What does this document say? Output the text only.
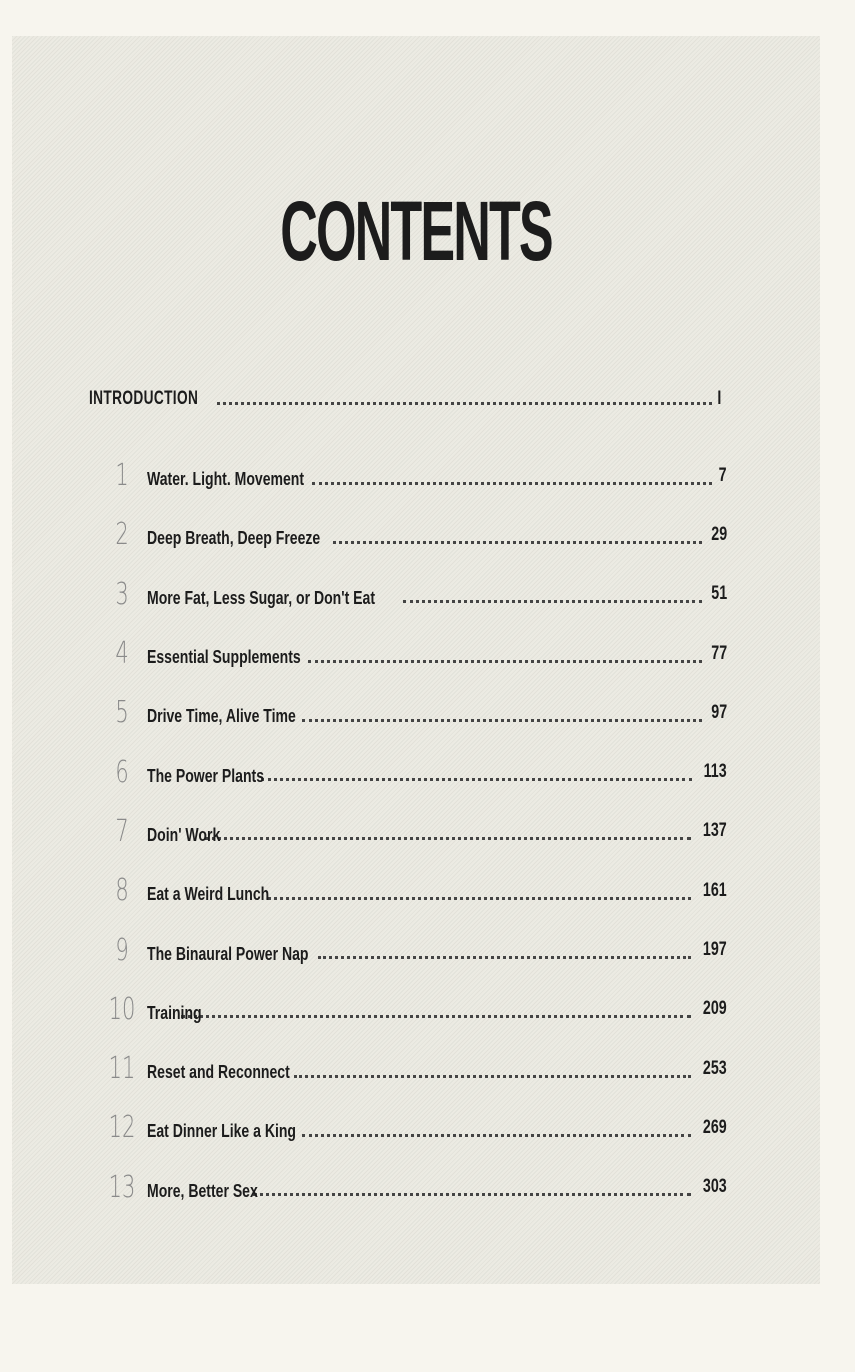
CONTENTS
INTRODUCTION	I
1	Water. Light. Movement	7
2	Deep Breath, Deep Freeze	29
3	More Fat, Less Sugar, or Don't Eat	51
4	Essential Supplements	77
5	Drive Time, Alive Time	97
6	The Power Plants	113
7	Doin' Work	137
8	Eat a Weird Lunch	161
9	The Binaural Power Nap	197
10 Training	209
11 Reset and Reconnect	253
12 Eat Dinner Like a King	269
13 More, Better Sex	303
